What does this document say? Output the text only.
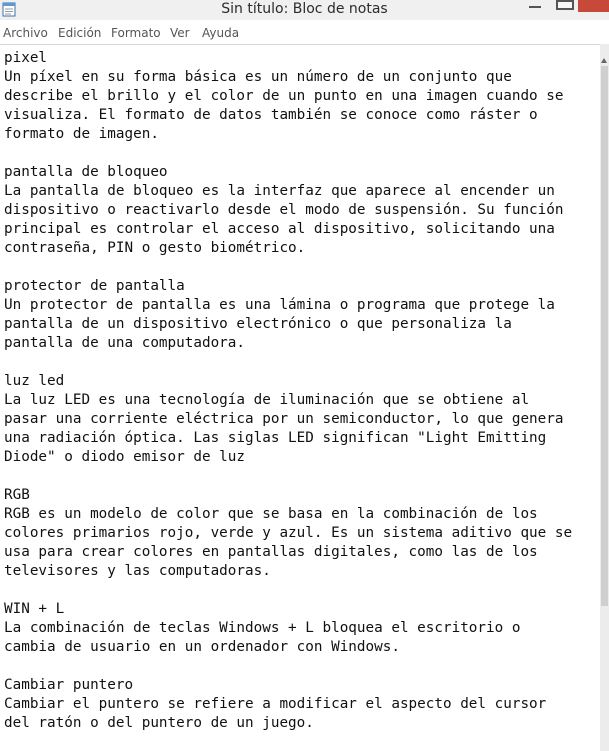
Sin título: Bloc de notas
Archivo Edición Formato Ver Ayuda
pixel
Un píxel en su forma básica es un número de un conjunto que
describe el brillo y el color de un punto en una imagen cuando se
visualiza. El formato de datos también se conoce como ráster o
formato de imagen.

pantalla de bloqueo
La pantalla de bloqueo es la interfaz que aparece al encender un
dispositivo o reactivarlo desde el modo de suspensión. Su función
principal es controlar el acceso al dispositivo, solicitando una
contraseña, PIN o gesto biométrico.

protector de pantalla
Un protector de pantalla es una lámina o programa que protege la
pantalla de un dispositivo electrónico o que personaliza la
pantalla de una computadora.

luz led
La luz LED es una tecnología de iluminación que se obtiene al
pasar una corriente eléctrica por un semiconductor, lo que genera
una radiación óptica. Las siglas LED significan "Light Emitting
Diode" o diodo emisor de luz

RGB
RGB es un modelo de color que se basa en la combinación de los
colores primarios rojo, verde y azul. Es un sistema aditivo que se
usa para crear colores en pantallas digitales, como las de los
televisores y las computadoras.

WIN + L
La combinación de teclas Windows + L bloquea el escritorio o
cambia de usuario en un ordenador con Windows.

Cambiar puntero
Cambiar el puntero se refiere a modificar el aspecto del cursor
del ratón o del puntero de un juego.
